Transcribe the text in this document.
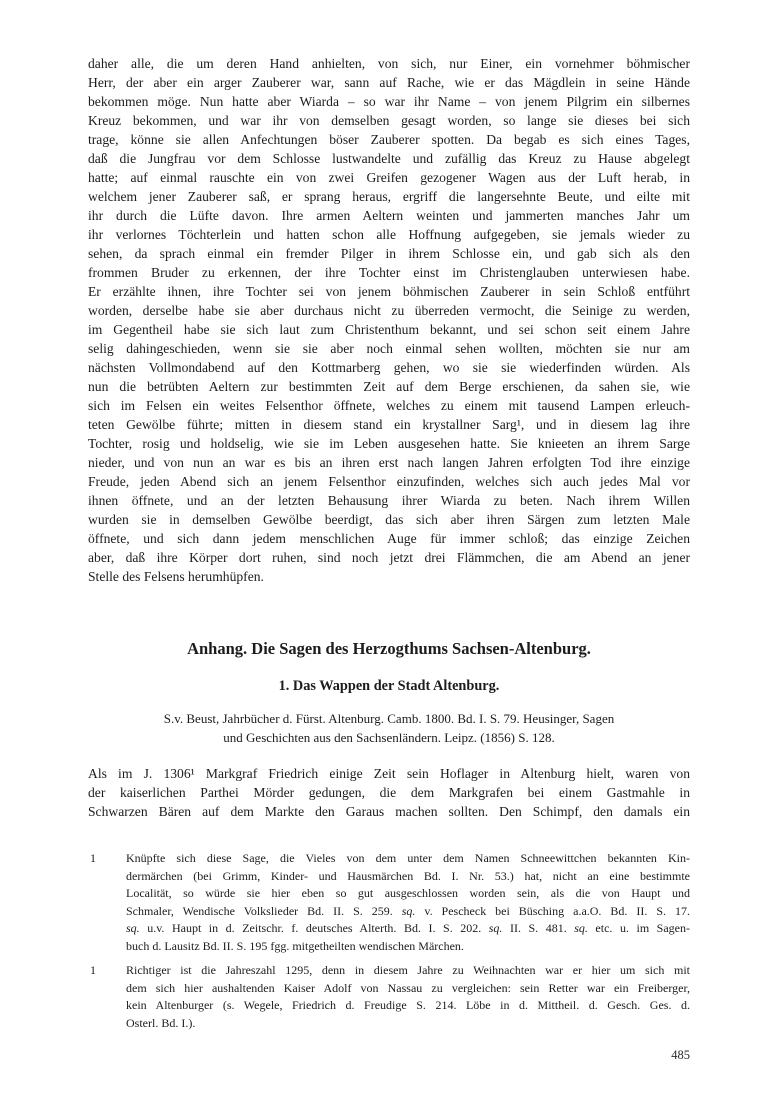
daher alle, die um deren Hand anhielten, von sich, nur Einer, ein vornehmer böhmischer
Herr, der aber ein arger Zauberer war, sann auf Rache, wie er das Mägdlein in seine Hände
bekommen möge. Nun hatte aber Wiarda – so war ihr Name – von jenem Pilgrim ein silbernes
Kreuz bekommen, und war ihr von demselben gesagt worden, so lange sie dieses bei sich
trage, könne sie allen Anfechtungen böser Zauberer spotten. Da begab es sich eines Tages,
daß die Jungfrau vor dem Schlosse lustwandelte und zufällig das Kreuz zu Hause abgelegt
hatte; auf einmal rauschte ein von zwei Greifen gezogener Wagen aus der Luft herab, in
welchem jener Zauberer saß, er sprang heraus, ergriff die langersehnte Beute, und eilte mit
ihr durch die Lüfte davon. Ihre armen Aeltern weinten und jammerten manches Jahr um
ihr verlornes Töchterlein und hatten schon alle Hoffnung aufgegeben, sie jemals wieder zu
sehen, da sprach einmal ein fremder Pilger in ihrem Schlosse ein, und gab sich als den
frommen Bruder zu erkennen, der ihre Tochter einst im Christenglauben unterwiesen habe.
Er erzählte ihnen, ihre Tochter sei von jenem böhmischen Zauberer in sein Schloß entführt
worden, derselbe habe sie aber durchaus nicht zu überreden vermocht, die Seinige zu werden,
im Gegentheil habe sie sich laut zum Christenthum bekannt, und sei schon seit einem Jahre
selig dahingeschieden, wenn sie sie aber noch einmal sehen wollten, möchten sie nur am
nächsten Vollmondabend auf den Kottmarberg gehen, wo sie sie wiederfinden würden. Als
nun die betrübten Aeltern zur bestimmten Zeit auf dem Berge erschienen, da sahen sie, wie
sich im Felsen ein weites Felsenthor öffnete, welches zu einem mit tausend Lampen erleuch-
teten Gewölbe führte; mitten in diesem stand ein krystallner Sarg¹, und in diesem lag ihre
Tochter, rosig und holdselig, wie sie im Leben ausgesehen hatte. Sie knieeten an ihrem Sarge
nieder, und von nun an war es bis an ihren erst nach langen Jahren erfolgten Tod ihre einzige
Freude, jeden Abend sich an jenem Felsenthor einzufinden, welches sich auch jedes Mal vor
ihnen öffnete, und an der letzten Behausung ihrer Wiarda zu beten. Nach ihrem Willen
wurden sie in demselben Gewölbe beerdigt, das sich aber ihren Särgen zum letzten Male
öffnete, und sich dann jedem menschlichen Auge für immer schloß; das einzige Zeichen
aber, daß ihre Körper dort ruhen, sind noch jetzt drei Flämmchen, die am Abend an jener
Stelle des Felsens herumhüpfen.
Anhang. Die Sagen des Herzogthums Sachsen-Altenburg.
1. Das Wappen der Stadt Altenburg.
S.v. Beust, Jahrbücher d. Fürst. Altenburg. Camb. 1800. Bd. I. S. 79. Heusinger, Sagen
und Geschichten aus den Sachsenländern. Leipz. (1856) S. 128.
Als im J. 1306¹ Markgraf Friedrich einige Zeit sein Hoflager in Altenburg hielt, waren von
der kaiserlichen Parthei Mörder gedungen, die dem Markgrafen bei einem Gastmahle in
Schwarzen Bären auf dem Markte den Garaus machen sollten. Den Schimpf, den damals ein
1	Knüpfte sich diese Sage, die Vieles von dem unter dem Namen Schneewittchen bekannten Kin-
dermärchen (bei Grimm, Kinder- und Hausmärchen Bd. I. Nr. 53.) hat, nicht an eine bestimmte
Localität, so würde sie hier eben so gut ausgeschlossen worden sein, als die von Haupt und
Schmaler, Wendische Volkslieder Bd. II. S. 259. sq. v. Pescheck bei Büsching a.a.O. Bd. II. S. 17.
sq. u.v. Haupt in d. Zeitschr. f. deutsches Alterth. Bd. I. S. 202. sq. II. S. 481. sq. etc. u. im Sagen-
buch d. Lausitz Bd. II. S. 195 fgg. mitgetheilten wendischen Märchen.
1	Richtiger ist die Jahreszahl 1295, denn in diesem Jahre zu Weihnachten war er hier um sich mit
dem sich hier aushaltenden Kaiser Adolf von Nassau zu vergleichen: sein Retter war ein Freiberger,
kein Altenburger (s. Wegele, Friedrich d. Freudige S. 214. Löbe in d. Mittheil. d. Gesch. Ges. d.
Osterl. Bd. I.).
485
